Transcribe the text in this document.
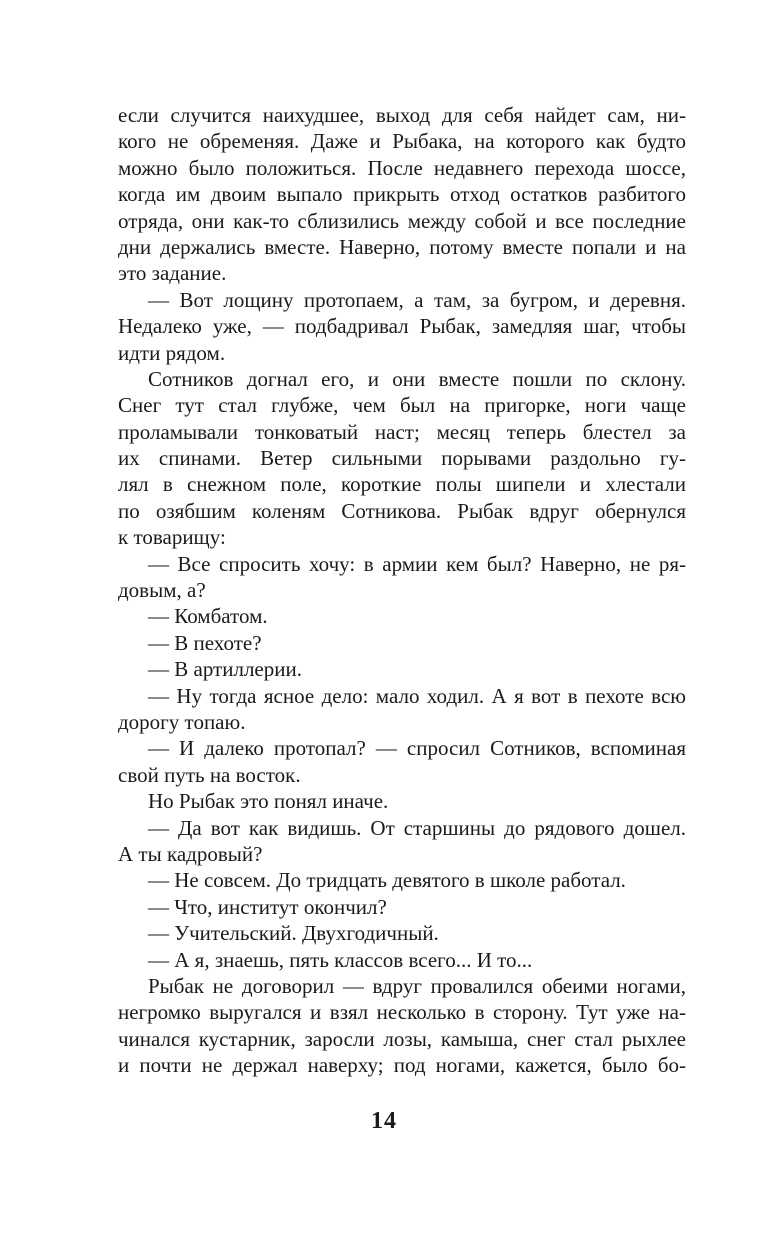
если случится наихудшее, выход для себя найдет сам, ни-
кого не обременяя. Даже и Рыбака, на которого как будто
можно было положиться. После недавнего перехода шоссе,
когда им двоим выпало прикрыть отход остатков разбитого
отряда, они как-то сблизились между собой и все последние
дни держались вместе. Наверно, потому вместе попали и на
это задание.
— Вот лощину протопаем, а там, за бугром, и деревня.
Недалеко уже, — подбадривал Рыбак, замедляя шаг, чтобы
идти рядом.
Сотников догнал его, и они вместе пошли по склону.
Снег тут стал глубже, чем был на пригорке, ноги чаще
проламывали тонковатый наст; месяц теперь блестел за
их спинами. Ветер сильными порывами раздольно гу-
лял в снежном поле, короткие полы шипели и хлестали
по озябшим коленям Сотникова. Рыбак вдруг обернулся
к товарищу:
— Все спросить хочу: в армии кем был? Наверно, не ря-
довым, а?
— Комбатом.
— В пехоте?
— В артиллерии.
— Ну тогда ясное дело: мало ходил. А я вот в пехоте всю
дорогу топаю.
— И далеко протопал? — спросил Сотников, вспоминая
свой путь на восток.
Но Рыбак это понял иначе.
— Да вот как видишь. От старшины до рядового дошел.
А ты кадровый?
— Не совсем. До тридцать девятого в школе работал.
— Что, институт окончил?
— Учительский. Двухгодичный.
— А я, знаешь, пять классов всего... И то...
Рыбак не договорил — вдруг провалился обеими ногами,
негромко выругался и взял несколько в сторону. Тут уже на-
чинался кустарник, заросли лозы, камыша, снег стал рыхлее
и почти не держал наверху; под ногами, кажется, было бо-
14
